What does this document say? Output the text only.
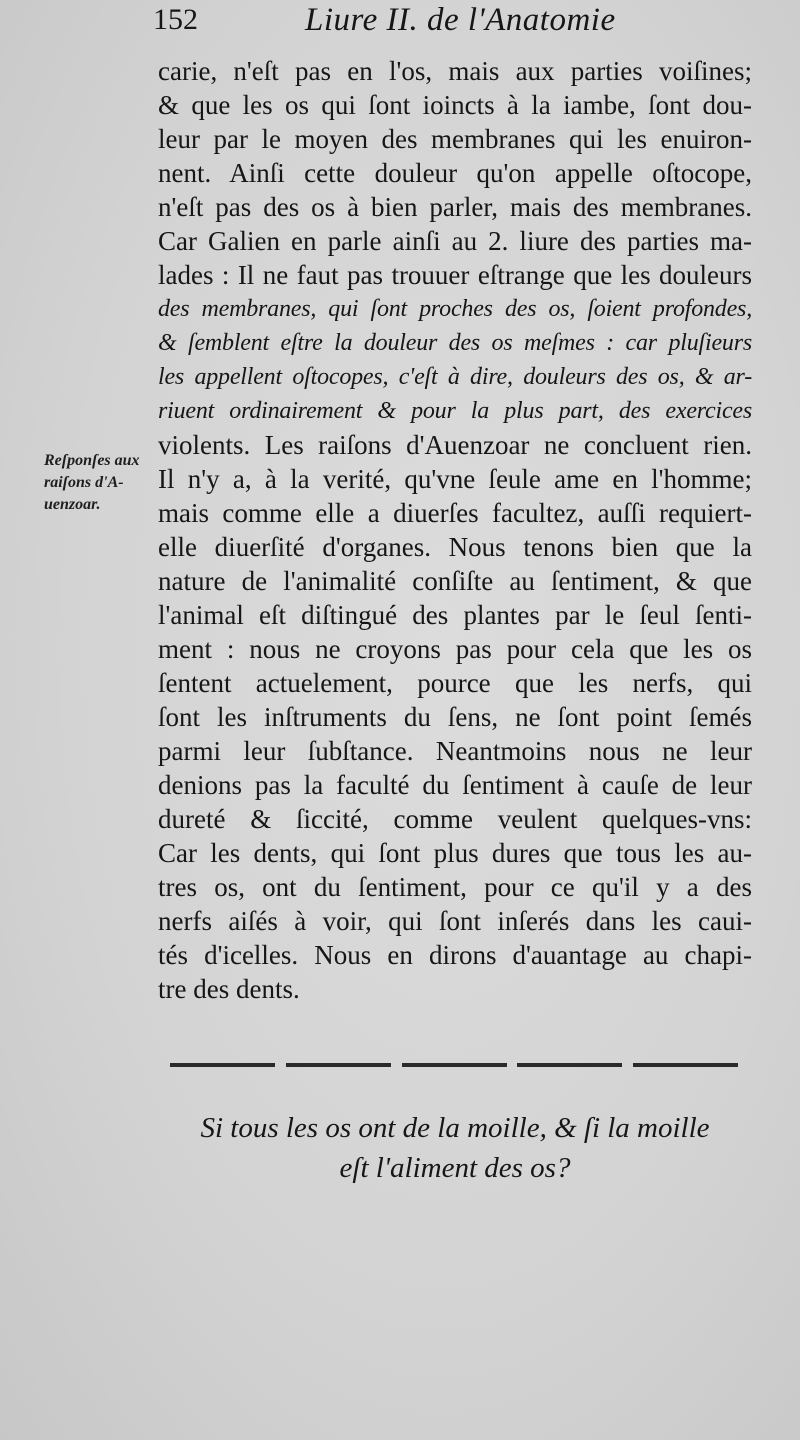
152	Liure II. de l'Anatomie
carie, n'eſt pas en l'os, mais aux parties voiſines;
& que les os qui ſont ioincts à la iambe, ſont dou-
leur par le moyen des membranes qui les enuiron-
nent. Ainſi cette douleur qu'on appelle oſtocope,
n'eſt pas des os à bien parler, mais des membranes.
Car Galien en parle ainſi au 2. liure des parties ma-
lades : Il ne faut pas trouuer eſtrange que les douleurs
des membranes, qui ſont proches des os, ſoient profondes,
& ſemblent eſtre la douleur des os meſmes : car pluſieurs
les appellent oſtocopes, c'eſt à dire, douleurs des os, & ar-
riuent ordinairement & pour la plus part, des exercices
violents. Les raiſons d'Auenzoar ne concluent rien.
Il n'y a, à la verité, qu'vne ſeule ame en l'homme;
mais comme elle a diuerſes facultez, auſſi requiert-
elle diuerſité d'organes. Nous tenons bien que la
nature de l'animalité conſiſte au ſentiment, & que
l'animal eſt diſtingué des plantes par le ſeul ſenti-
ment : nous ne croyons pas pour cela que les os
ſentent actuelement, pource que les nerfs, qui
ſont les inſtruments du ſens, ne ſont point ſemés
parmi leur ſubſtance. Neantmoins nous ne leur
denions pas la faculté du ſentiment à cauſe de leur
dureté & ſiccité, comme veulent quelques-vns:
Car les dents, qui ſont plus dures que tous les au-
tres os, ont du ſentiment, pour ce qu'il y a des
nerfs aiſés à voir, qui ſont inſerés dans les caui-
tés d'icelles. Nous en dirons d'auantage au chapi-
tre des dents.
Reſponſes aux
raiſons d'A-
uenzoar.
Si tous les os ont de la moille, & ſi la moille
eſt l'aliment des os?
